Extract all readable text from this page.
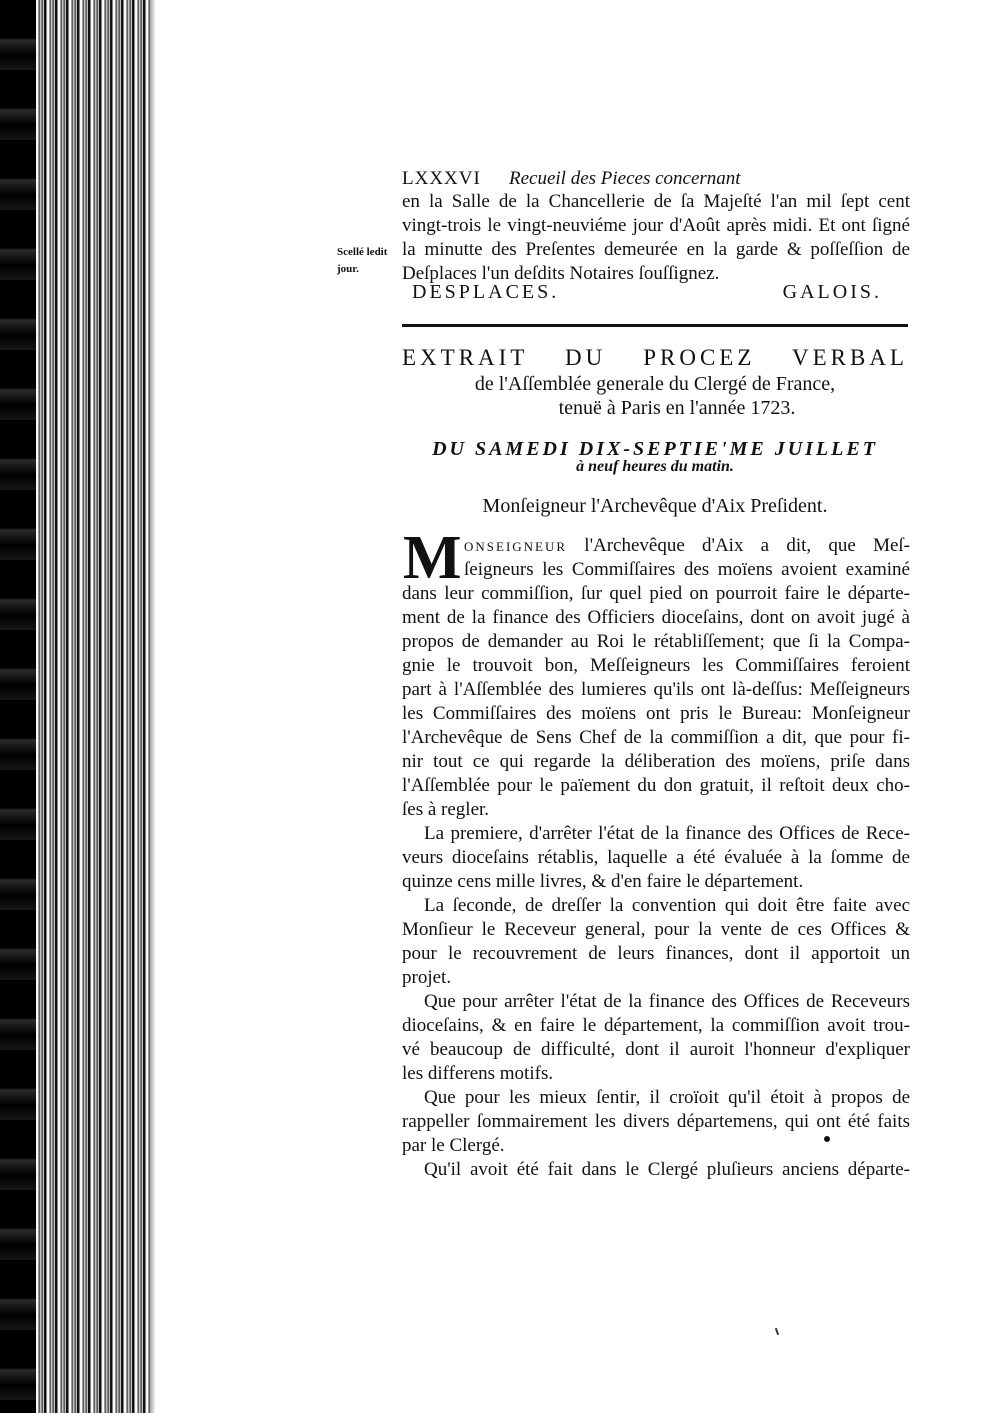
LXXXVI Recueil des Pieces concernant
en la Salle de la Chancellerie de ſa Majeſté l'an mil ſept cent
vingt-trois le vingt-neuviéme jour d'Août après midi. Et ont ſigné
la minutte des Preſentes demeurée en la garde & poſſeſſion de
Deſplaces l'un deſdits Notaires ſouſſignez.
Scellé ledit
jour.
DESPLACES.	GALOIS.
EXTRAIT DU PROCEZ VERBAL
de l'Aſſemblée generale du Clergé de France,
tenuë à Paris en l'année 1723.
DU SAMEDI DIX-SEPTIE'ME JUILLET
à neuf heures du matin.
Monſeigneur l'Archevêque d'Aix Preſident.
M onseigneur l'Archevêque d'Aix a dit, que Meſ-
ſeigneurs les Commiſſaires des moïens avoient examiné
dans leur commiſſion, ſur quel pied on pourroit faire le départe-
ment de la finance des Officiers dioceſains, dont on avoit jugé à
propos de demander au Roi le rétabliſſement; que ſi la Compa-
gnie le trouvoit bon, Meſſeigneurs les Commiſſaires feroient
part à l'Aſſemblée des lumieres qu'ils ont là-deſſus: Meſſeigneurs
les Commiſſaires des moïens ont pris le Bureau: Monſeigneur
l'Archevêque de Sens Chef de la commiſſion a dit, que pour fi-
nir tout ce qui regarde la déliberation des moïens, priſe dans
l'Aſſemblée pour le païement du don gratuit, il reſtoit deux cho-
ſes à regler.
La premiere, d'arrêter l'état de la finance des Offices de Rece-
veurs dioceſains rétablis, laquelle a été évaluée à la ſomme de
quinze cens mille livres, & d'en faire le département.
La ſeconde, de dreſſer la convention qui doit être faite avec
Monſieur le Receveur general, pour la vente de ces Offices &
pour le recouvrement de leurs finances, dont il apportoit un
projet.
Que pour arrêter l'état de la finance des Offices de Receveurs
dioceſains, & en faire le département, la commiſſion avoit trou-
vé beaucoup de difficulté, dont il auroit l'honneur d'expliquer
les differens motifs.
Que pour les mieux ſentir, il croïoit qu'il étoit à propos de
rappeller ſommairement les divers départemens, qui ont été faits
par le Clergé.
Qu'il avoit été fait dans le Clergé pluſieurs anciens départe-
